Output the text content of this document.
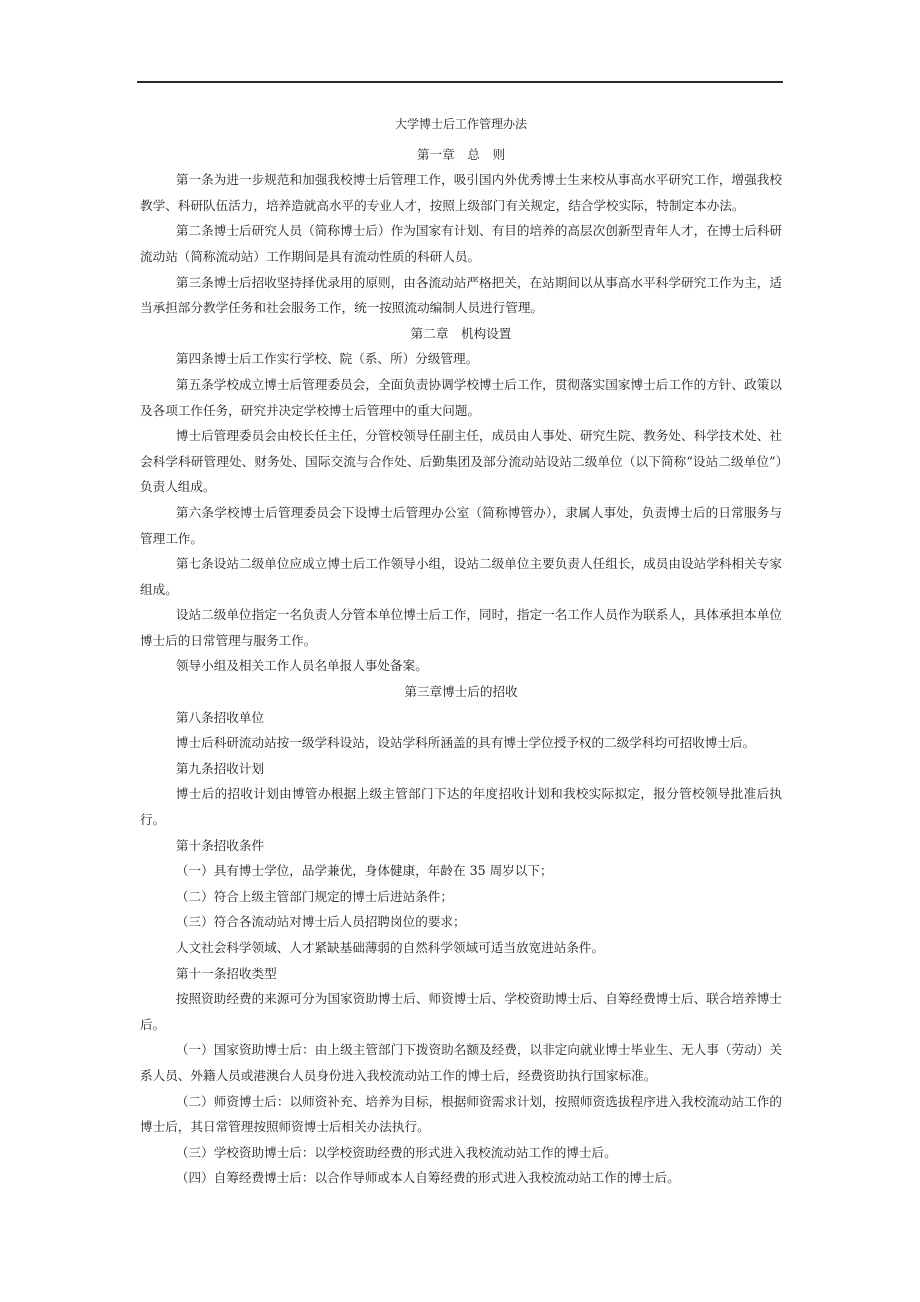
大学博士后工作管理办法

第一章　总　则

第一条为进一步规范和加强我校博士后管理工作，吸引国内外优秀博士生来校从事高水平研究工作，增强我校教学、科研队伍活力，培养造就高水平的专业人才，按照上级部门有关规定，结合学校实际，特制定本办法。

第二条博士后研究人员（简称博士后）作为国家有计划、有目的培养的高层次创新型青年人才，在博士后科研流动站（简称流动站）工作期间是具有流动性质的科研人员。

第三条博士后招收坚持择优录用的原则，由各流动站严格把关，在站期间以从事高水平科学研究工作为主，适当承担部分教学任务和社会服务工作，统一按照流动编制人员进行管理。

第二章　机构设置

第四条博士后工作实行学校、院（系、所）分级管理。

第五条学校成立博士后管理委员会，全面负责协调学校博士后工作，贯彻落实国家博士后工作的方针、政策以及各项工作任务，研究并决定学校博士后管理中的重大问题。

博士后管理委员会由校长任主任，分管校领导任副主任，成员由人事处、研究生院、教务处、科学技术处、社会科学科研管理处、财务处、国际交流与合作处、后勤集团及部分流动站设站二级单位（以下简称“设站二级单位”）负责人组成。

第六条学校博士后管理委员会下设博士后管理办公室（简称博管办），隶属人事处，负责博士后的日常服务与管理工作。

第七条设站二级单位应成立博士后工作领导小组，设站二级单位主要负责人任组长，成员由设站学科相关专家组成。

设站二级单位指定一名负责人分管本单位博士后工作，同时，指定一名工作人员作为联系人，具体承担本单位博士后的日常管理与服务工作。

领导小组及相关工作人员名单报人事处备案。

第三章博士后的招收

第八条招收单位

博士后科研流动站按一级学科设站，设站学科所涵盖的具有博士学位授予权的二级学科均可招收博士后。

第九条招收计划

博士后的招收计划由博管办根据上级主管部门下达的年度招收计划和我校实际拟定，报分管校领导批准后执行。

第十条招收条件

（一）具有博士学位，品学兼优，身体健康，年龄在 35 周岁以下；

（二）符合上级主管部门规定的博士后进站条件；

（三）符合各流动站对博士后人员招聘岗位的要求；

人文社会科学领域、人才紧缺基础薄弱的自然科学领域可适当放宽进站条件。

第十一条招收类型

按照资助经费的来源可分为国家资助博士后、师资博士后、学校资助博士后、自筹经费博士后、联合培养博士后。

（一）国家资助博士后：由上级主管部门下拨资助名额及经费，以非定向就业博士毕业生、无人事（劳动）关系人员、外籍人员或港澳台人员身份进入我校流动站工作的博士后，经费资助执行国家标准。

（二）师资博士后：以师资补充、培养为目标，根据师资需求计划，按照师资选拔程序进入我校流动站工作的博士后，其日常管理按照师资博士后相关办法执行。

（三）学校资助博士后：以学校资助经费的形式进入我校流动站工作的博士后。

（四）自筹经费博士后：以合作导师或本人自筹经费的形式进入我校流动站工作的博士后。
